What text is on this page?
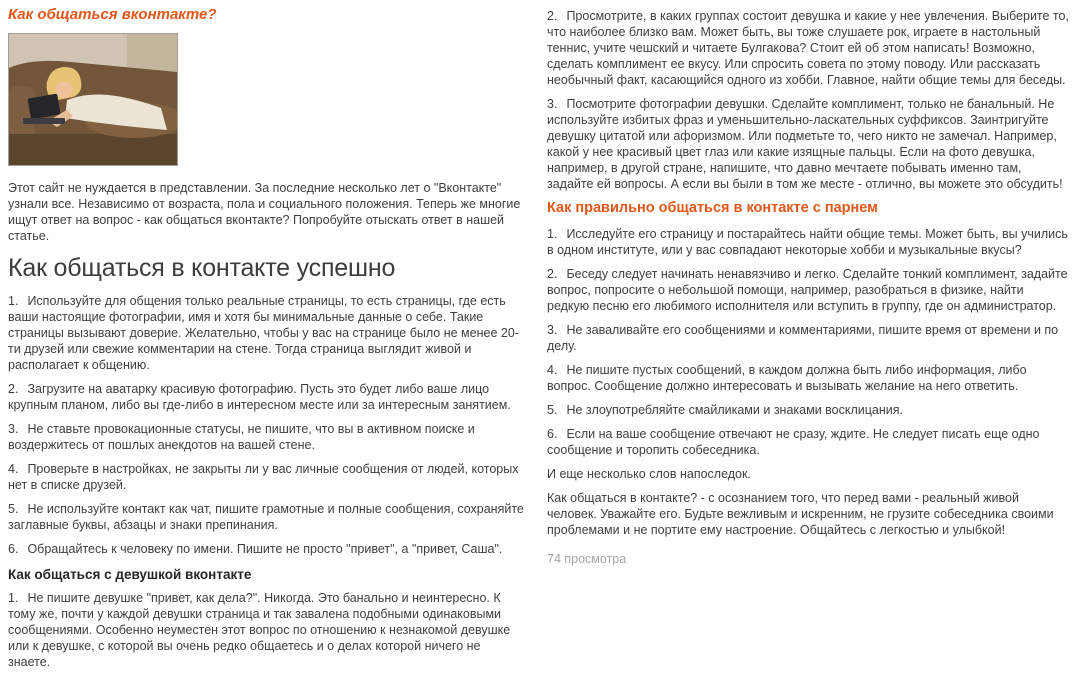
Как общаться вконтакте?

Этот сайт не нуждается в представлении. За последние несколько лет о "Вконтакте" узнали все. Независимо от возраста, пола и социального положения. Теперь же многие ищут ответ на вопрос - как общаться вконтакте? Попробуйте отыскать ответ в нашей статье.

Как общаться в контакте успешно

1. Используйте для общения только реальные страницы, то есть страницы, где есть ваши настоящие фотографии, имя и хотя бы минимальные данные о себе. Такие страницы вызывают доверие. Желательно, чтобы у вас на странице было не менее 20-ти друзей или свежие комментарии на стене. Тогда страница выглядит живой и располагает к общению.

2. Загрузите на аватарку красивую фотографию. Пусть это будет либо ваше лицо крупным планом, либо вы где-либо в интересном месте или за интересным занятием.

3. Не ставьте провокационные статусы, не пишите, что вы в активном поиске и воздержитесь от пошлых анекдотов на вашей стене.

4. Проверьте в настройках, не закрыты ли у вас личные сообщения от людей, которых нет в списке друзей.

5. Не используйте контакт как чат, пишите грамотные и полные сообщения, сохраняйте заглавные буквы, абзацы и знаки препинания.

6. Обращайтесь к человеку по имени. Пишите не просто "привет", а "привет, Саша".

Как общаться с девушкой вконтакте

1. Не пишите девушке "привет, как дела?". Никогда. Это банально и неинтересно. К тому же, почти у каждой девушки страница и так завалена подобными одинаковыми сообщениями. Особенно неуместен этот вопрос по отношению к незнакомой девушке или к девушке, с которой вы очень редко общаетесь и о делах которой ничего не знаете.

2. Просмотрите, в каких группах состоит девушка и какие у нее увлечения. Выберите то, что наиболее близко вам. Может быть, вы тоже слушаете рок, играете в настольный теннис, учите чешский и читаете Булгакова? Стоит ей об этом написать! Возможно, сделать комплимент ее вкусу. Или спросить совета по этому поводу. Или рассказать необычный факт, касающийся одного из хобби. Главное, найти общие темы для беседы.

3. Посмотрите фотографии девушки. Сделайте комплимент, только не банальный. Не используйте избитых фраз и уменьшительно-ласкательных суффиксов. Заинтригуйте девушку цитатой или афоризмом. Или подметьте то, чего никто не замечал. Например, какой у нее красивый цвет глаз или какие изящные пальцы. Если на фото девушка, например, в другой стране, напишите, что давно мечтаете побывать именно там, задайте ей вопросы. А если вы были в том же месте - отлично, вы можете это обсудить!

Как правильно общаться в контакте с парнем

1. Исследуйте его страницу и постарайтесь найти общие темы. Может быть, вы учились в одном институте, или у вас совпадают некоторые хобби и музыкальные вкусы?

2. Беседу следует начинать ненавязчиво и легко. Сделайте тонкий комплимент, задайте вопрос, попросите о небольшой помощи, например, разобраться в физике, найти редкую песню его любимого исполнителя или вступить в группу, где он администратор.

3. Не заваливайте его сообщениями и комментариями, пишите время от времени и по делу.

4. Не пишите пустых сообщений, в каждом должна быть либо информация, либо вопрос. Сообщение должно интересовать и вызывать желание на него ответить.

5. Не злоупотребляйте смайликами и знаками восклицания.

6. Если на ваше сообщение отвечают не сразу, ждите. Не следует писать еще одно сообщение и торопить собеседника.

И еще несколько слов напоследок.

Как общаться в контакте? - с осознанием того, что перед вами - реальный живой человек. Уважайте его. Будьте вежливым и искренним, не грузите собеседника своими проблемами и не портите ему настроение. Общайтесь с легкостью и улыбкой!

74 просмотра
